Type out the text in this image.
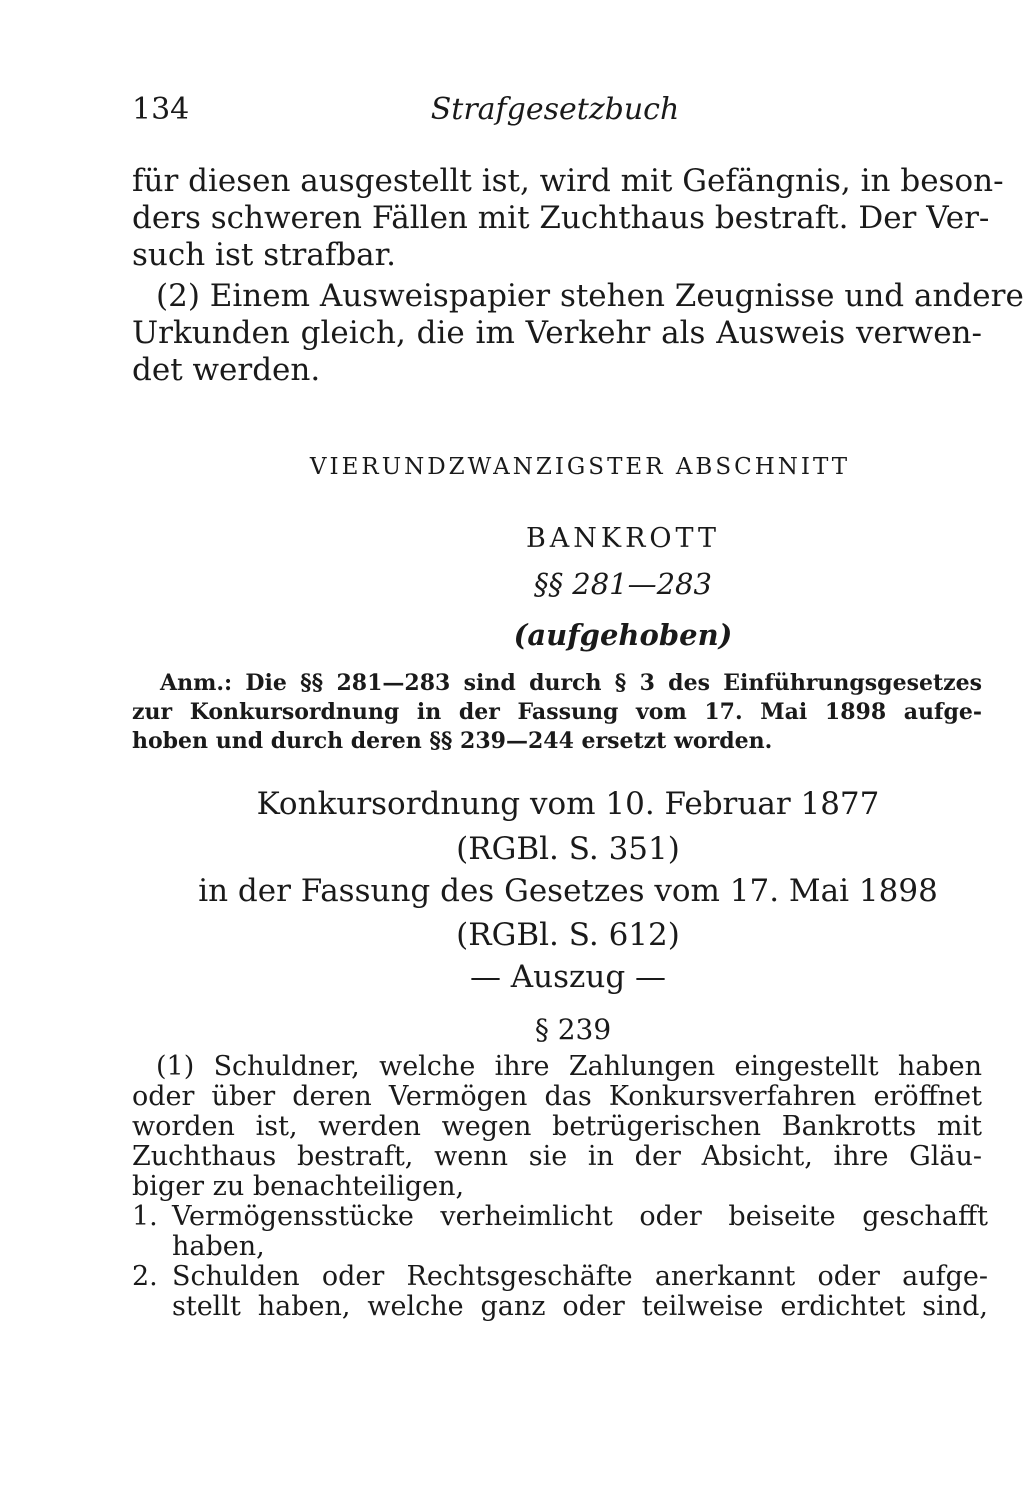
134	Strafgesetzbuch

für diesen ausgestellt ist, wird mit Gefängnis, in beson-
ders schweren Fällen mit Zuchthaus bestraft. Der Ver-
such ist strafbar.

(2) Einem Ausweispapier stehen Zeugnisse und andere
Urkunden gleich, die im Verkehr als Ausweis verwen-
det werden.

VIERUNDZWANZIGSTER ABSCHNITT

BANKROTT

§§ 281—283

(aufgehoben)

Anm.: Die §§ 281—283 sind durch § 3 des Einführungsgesetzes
zur Konkursordnung in der Fassung vom 17. Mai 1898 aufge-
hoben und durch deren §§ 239—244 ersetzt worden.

Konkursordnung vom 10. Februar 1877

(RGBl. S. 351)

in der Fassung des Gesetzes vom 17. Mai 1898

(RGBl. S. 612)

— Auszug —

§ 239

(1) Schuldner, welche ihre Zahlungen eingestellt haben
oder über deren Vermögen das Konkursverfahren eröffnet
worden ist, werden wegen betrügerischen Bankrotts mit
Zuchthaus bestraft, wenn sie in der Absicht, ihre Gläu-
biger zu benachteiligen,

1. Vermögensstücke verheimlicht oder beiseite geschafft
haben,
2. Schulden oder Rechtsgeschäfte anerkannt oder aufge-
stellt haben, welche ganz oder teilweise erdichtet sind,
